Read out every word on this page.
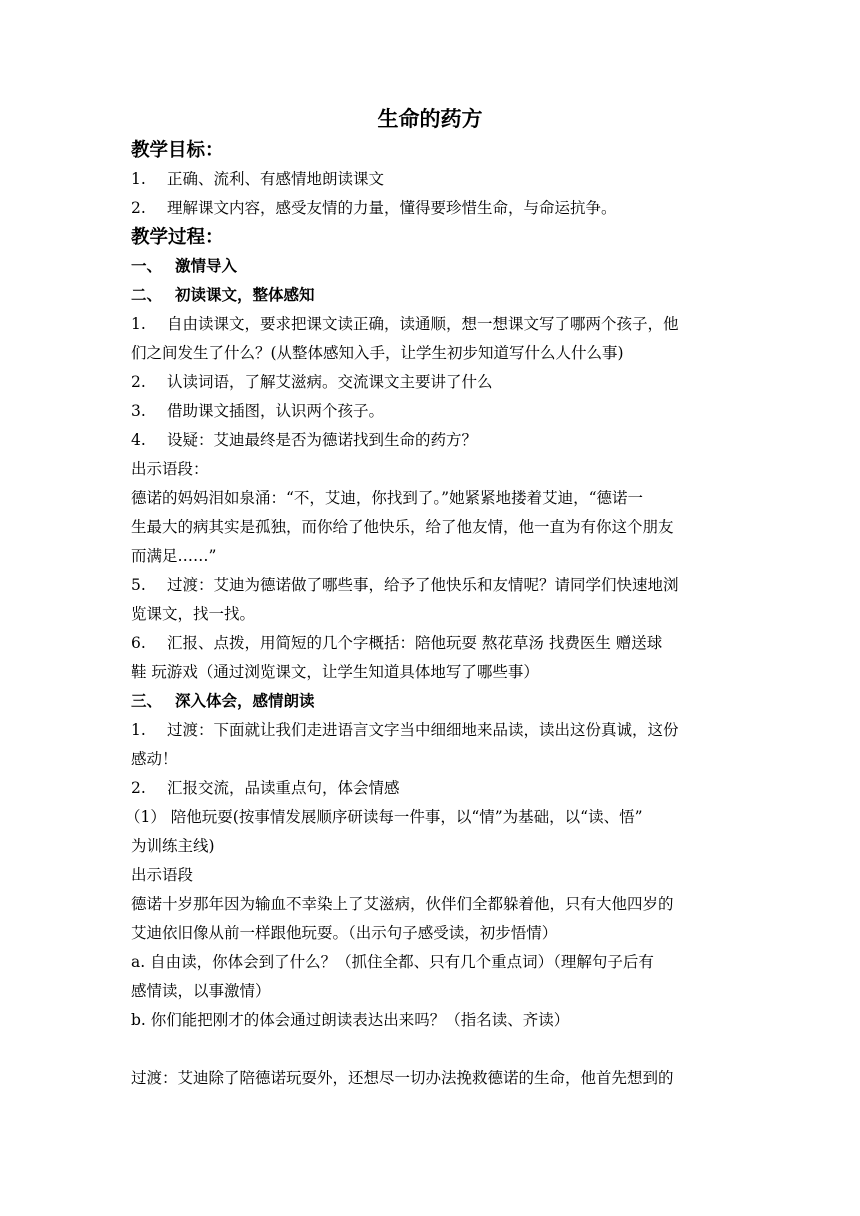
生命的药方
教学目标：
1. 正确、流利、有感情地朗读课文
2. 理解课文内容，感受友情的力量，懂得要珍惜生命，与命运抗争。
教学过程：
一、 激情导入
二、 初读课文，整体感知
1. 自由读课文，要求把课文读正确，读通顺，想一想课文写了哪两个孩子，他
们之间发生了什么？(从整体感知入手，让学生初步知道写什么人什么事)
2. 认读词语，了解艾滋病。交流课文主要讲了什么
3. 借助课文插图，认识两个孩子。
4. 设疑：艾迪最终是否为德诺找到生命的药方？
出示语段：
德诺的妈妈泪如泉涌：“不，艾迪，你找到了。”她紧紧地搂着艾迪，“德诺一
生最大的病其实是孤独，而你给了他快乐，给了他友情，他一直为有你这个朋友
而满足……”
5. 过渡：艾迪为德诺做了哪些事，给予了他快乐和友情呢？请同学们快速地浏
览课文，找一找。
6. 汇报、点拨，用简短的几个字概括：陪他玩耍 熬花草汤 找费医生 赠送球
鞋 玩游戏（通过浏览课文，让学生知道具体地写了哪些事）
三、 深入体会，感情朗读
1. 过渡：下面就让我们走进语言文字当中细细地来品读，读出这份真诚，这份
感动！
2. 汇报交流，品读重点句，体会情感
（1） 陪他玩耍(按事情发展顺序研读每一件事，以“情”为基础，以“读、悟”
为训练主线)
出示语段
德诺十岁那年因为输血不幸染上了艾滋病，伙伴们全都躲着他，只有大他四岁的
艾迪依旧像从前一样跟他玩耍。（出示句子感受读，初步悟情）
a. 自由读，你体会到了什么？（抓住全都、只有几个重点词）（理解句子后有
感情读，以事激情）
b. 你们能把刚才的体会通过朗读表达出来吗？（指名读、齐读）
过渡：艾迪除了陪德诺玩耍外，还想尽一切办法挽救德诺的生命，他首先想到的
